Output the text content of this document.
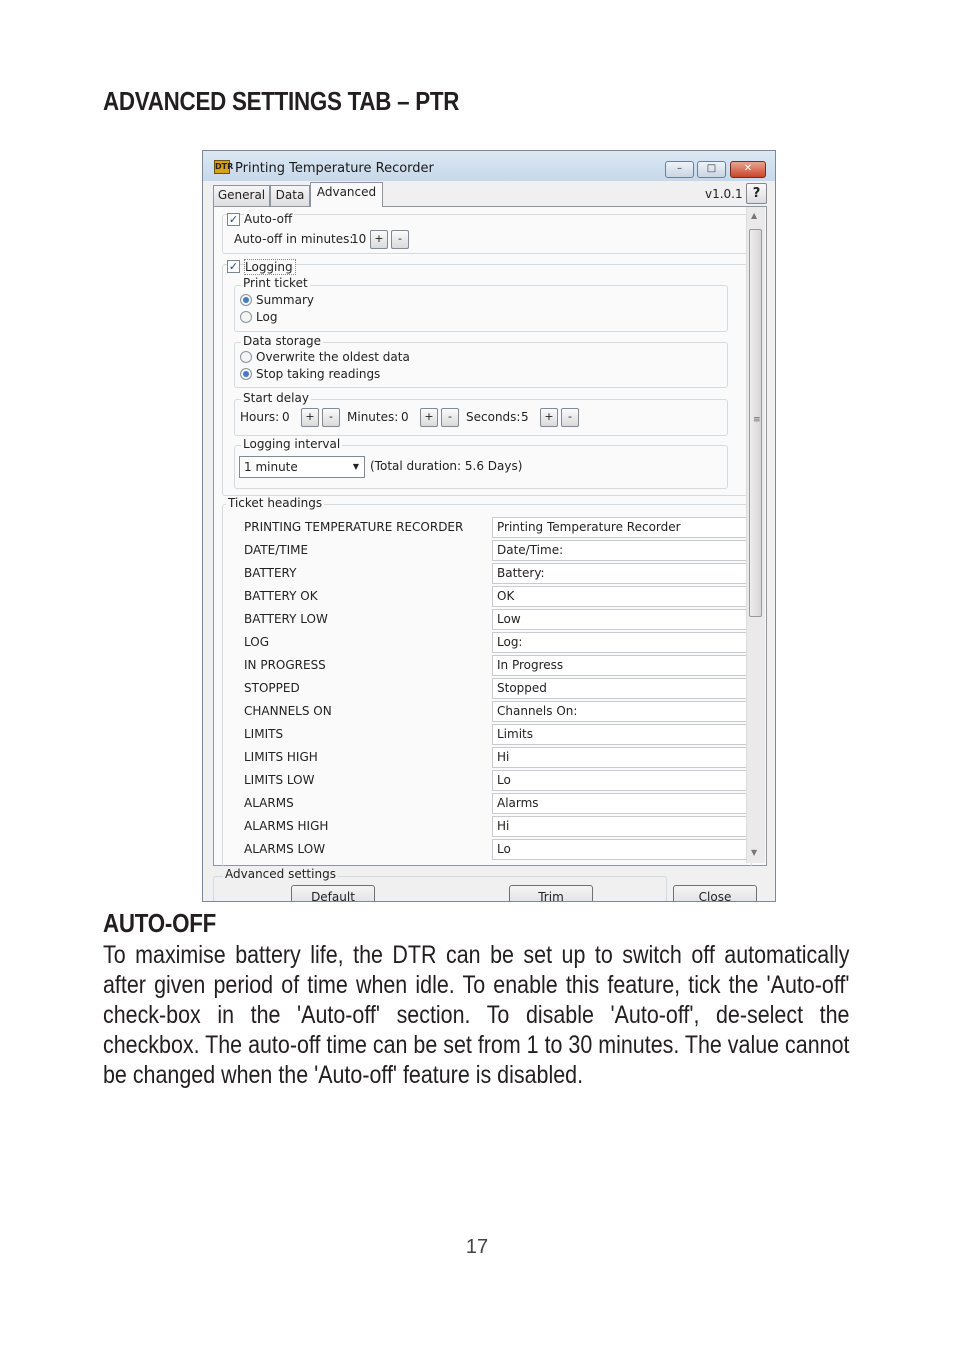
ADVANCED SETTINGS TAB – PTR
DTR Printing Temperature Recorder	–	□	✕
General Data	Advanced	v1.0.1 ?
✓ Auto-off
Auto-off in minutes:
10 +	-
✓ Logging
Print ticket
Summary
Log
Data storage
Overwrite the oldest data
Stop taking readings
Start delay
Hours: 0	+	-	Minutes: 0	+	-	Seconds: 5	+	-
Logging interval
1 minute	▼ (Total duration: 5.6 Days)
Ticket headings
PRINTING TEMPERATURE RECORDER	Printing Temperature Recorder
DATE/TIME	Date/Time:
BATTERY	Battery:
BATTERY OK	OK
BATTERY LOW	Low
LOG	Log:
IN PROGRESS	In Progress
STOPPED	Stopped
CHANNELS ON	Channels On:
LIMITS	Limits
LIMITS HIGH	Hi
LIMITS LOW	Lo
ALARMS	Alarms
ALARMS HIGH	Hi
ALARMS LOW	Lo
▲
≡
▼
Advanced settings
Default	Trim	Close
AUTO-OFF

To maximise battery life, the DTR can be set up to switch off automatically after given period of time when idle. To enable this feature, tick the 'Auto-off' check-box in the 'Auto-off' section. To disable 'Auto-off', de-select the checkbox. The auto-off time can be set from 1 to 30 minutes. The value cannot be changed when the 'Auto-off' feature is disabled.

17
